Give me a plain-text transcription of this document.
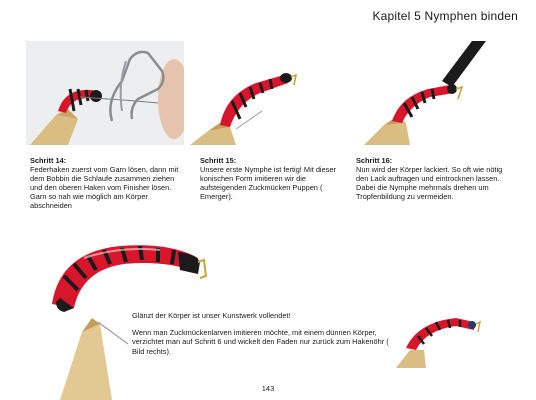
Kapitel 5 Nymphen binden
Schritt 14:
Federhaken zuerst vom Garn lösen, dann mit dem Bobbin die Schlaufe zusammen ziehen und den oberen Haken vom Finisher lösen. Garn so nah wie möglich am Körper abschneiden
Schritt 15:
Unsere erste Nymphe ist fertig! Mit dieser konischen Form imitieren wir die aufsteigenden Zuckmücken Puppen ( Emerger).
Schritt 16:
Nun wird der Körper lackiert. So oft wie nötig den Lack auftragen und eintrocknen lassen. Dabei die Nymphe mehrmals drehen um Tropfenbildung zu vermeiden.

Glänzt der Körper ist unser Kunstwerk vollendet!

Wenn man Zuckmückenlarven imitieren möchte, mit einem dünnen Körper, verzichtet man auf Schritt 6 und wickelt den Faden nur zurück zum Hakenöhr ( Bild rechts).

143
